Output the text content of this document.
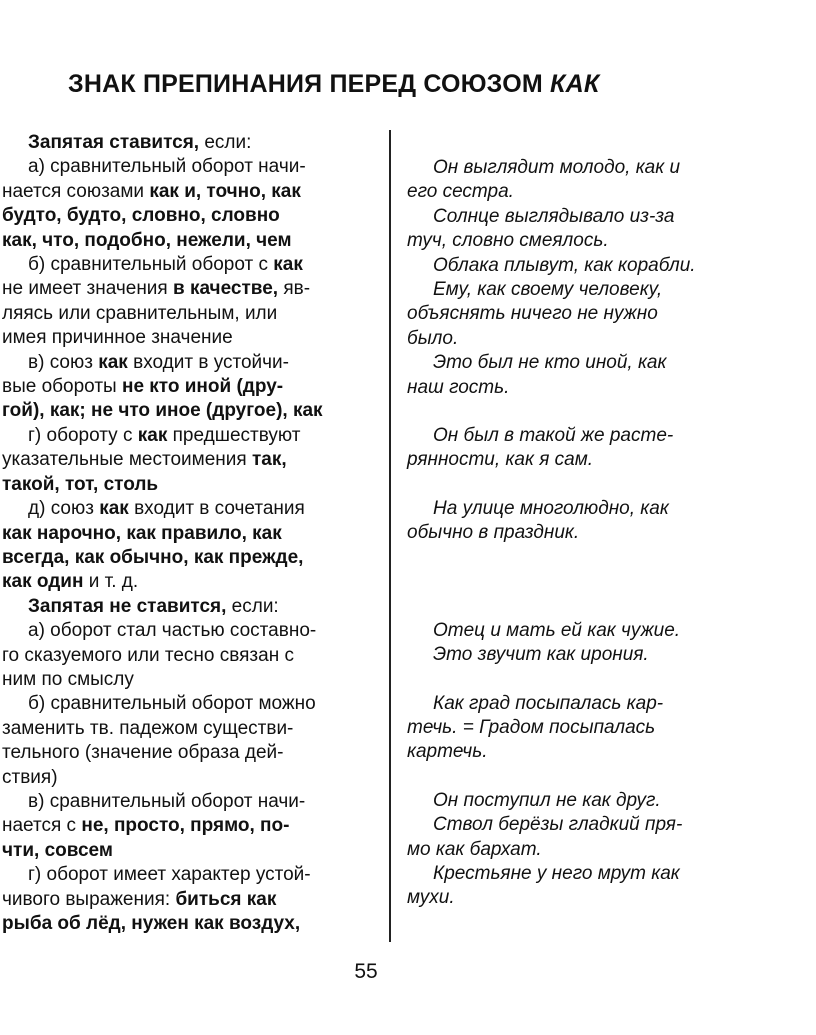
ЗНАК ПРЕПИНАНИЯ ПЕРЕД СОЮЗОМ КАК
Запятая ставится, если:
а) сравнительный оборот начи-
нается союзами как и, точно, как
будто, будто, словно, словно
как, что, подобно, нежели, чем
б) сравнительный оборот с как
не имеет значения в качестве, яв-
ляясь или сравнительным, или
имея причинное значение
в) союз как входит в устойчи-
вые обороты не кто иной (дру-
гой), как; не что иное (другое), как
г) обороту с как предшествуют
указательные местоимения так,
такой, тот, столь
д) союз как входит в сочетания
как нарочно, как правило, как
всегда, как обычно, как прежде,
как один и т. д.
Запятая не ставится, если:
а) оборот стал частью составно-
го сказуемого или тесно связан с
ним по смыслу
б) сравнительный оборот можно
заменить тв. падежом существи-
тельного (значение образа дей-
ствия)
в) сравнительный оборот начи-
нается с не, просто, прямо, по-
чти, совсем
г) оборот имеет характер устой-
чивого выражения: биться как
рыба об лёд, нужен как воздух,
Он выглядит молодо, как и
его сестра.
Солнце выглядывало из-за
туч, словно смеялось.
Облака плывут, как корабли.
Ему, как своему человеку,
объяснять ничего не нужно
было.
Это был не кто иной, как
наш гость.
Он был в такой же расте-
рянности, как я сам.
На улице многолюдно, как
обычно в праздник.
Отец и мать ей как чужие.
Это звучит как ирония.
Как град посыпалась кар-
течь. = Градом посыпалась
картечь.
Он поступил не как друг.
Ствол берёзы гладкий пря-
мо как бархат.
Крестьяне у него мрут как
мухи.
55
